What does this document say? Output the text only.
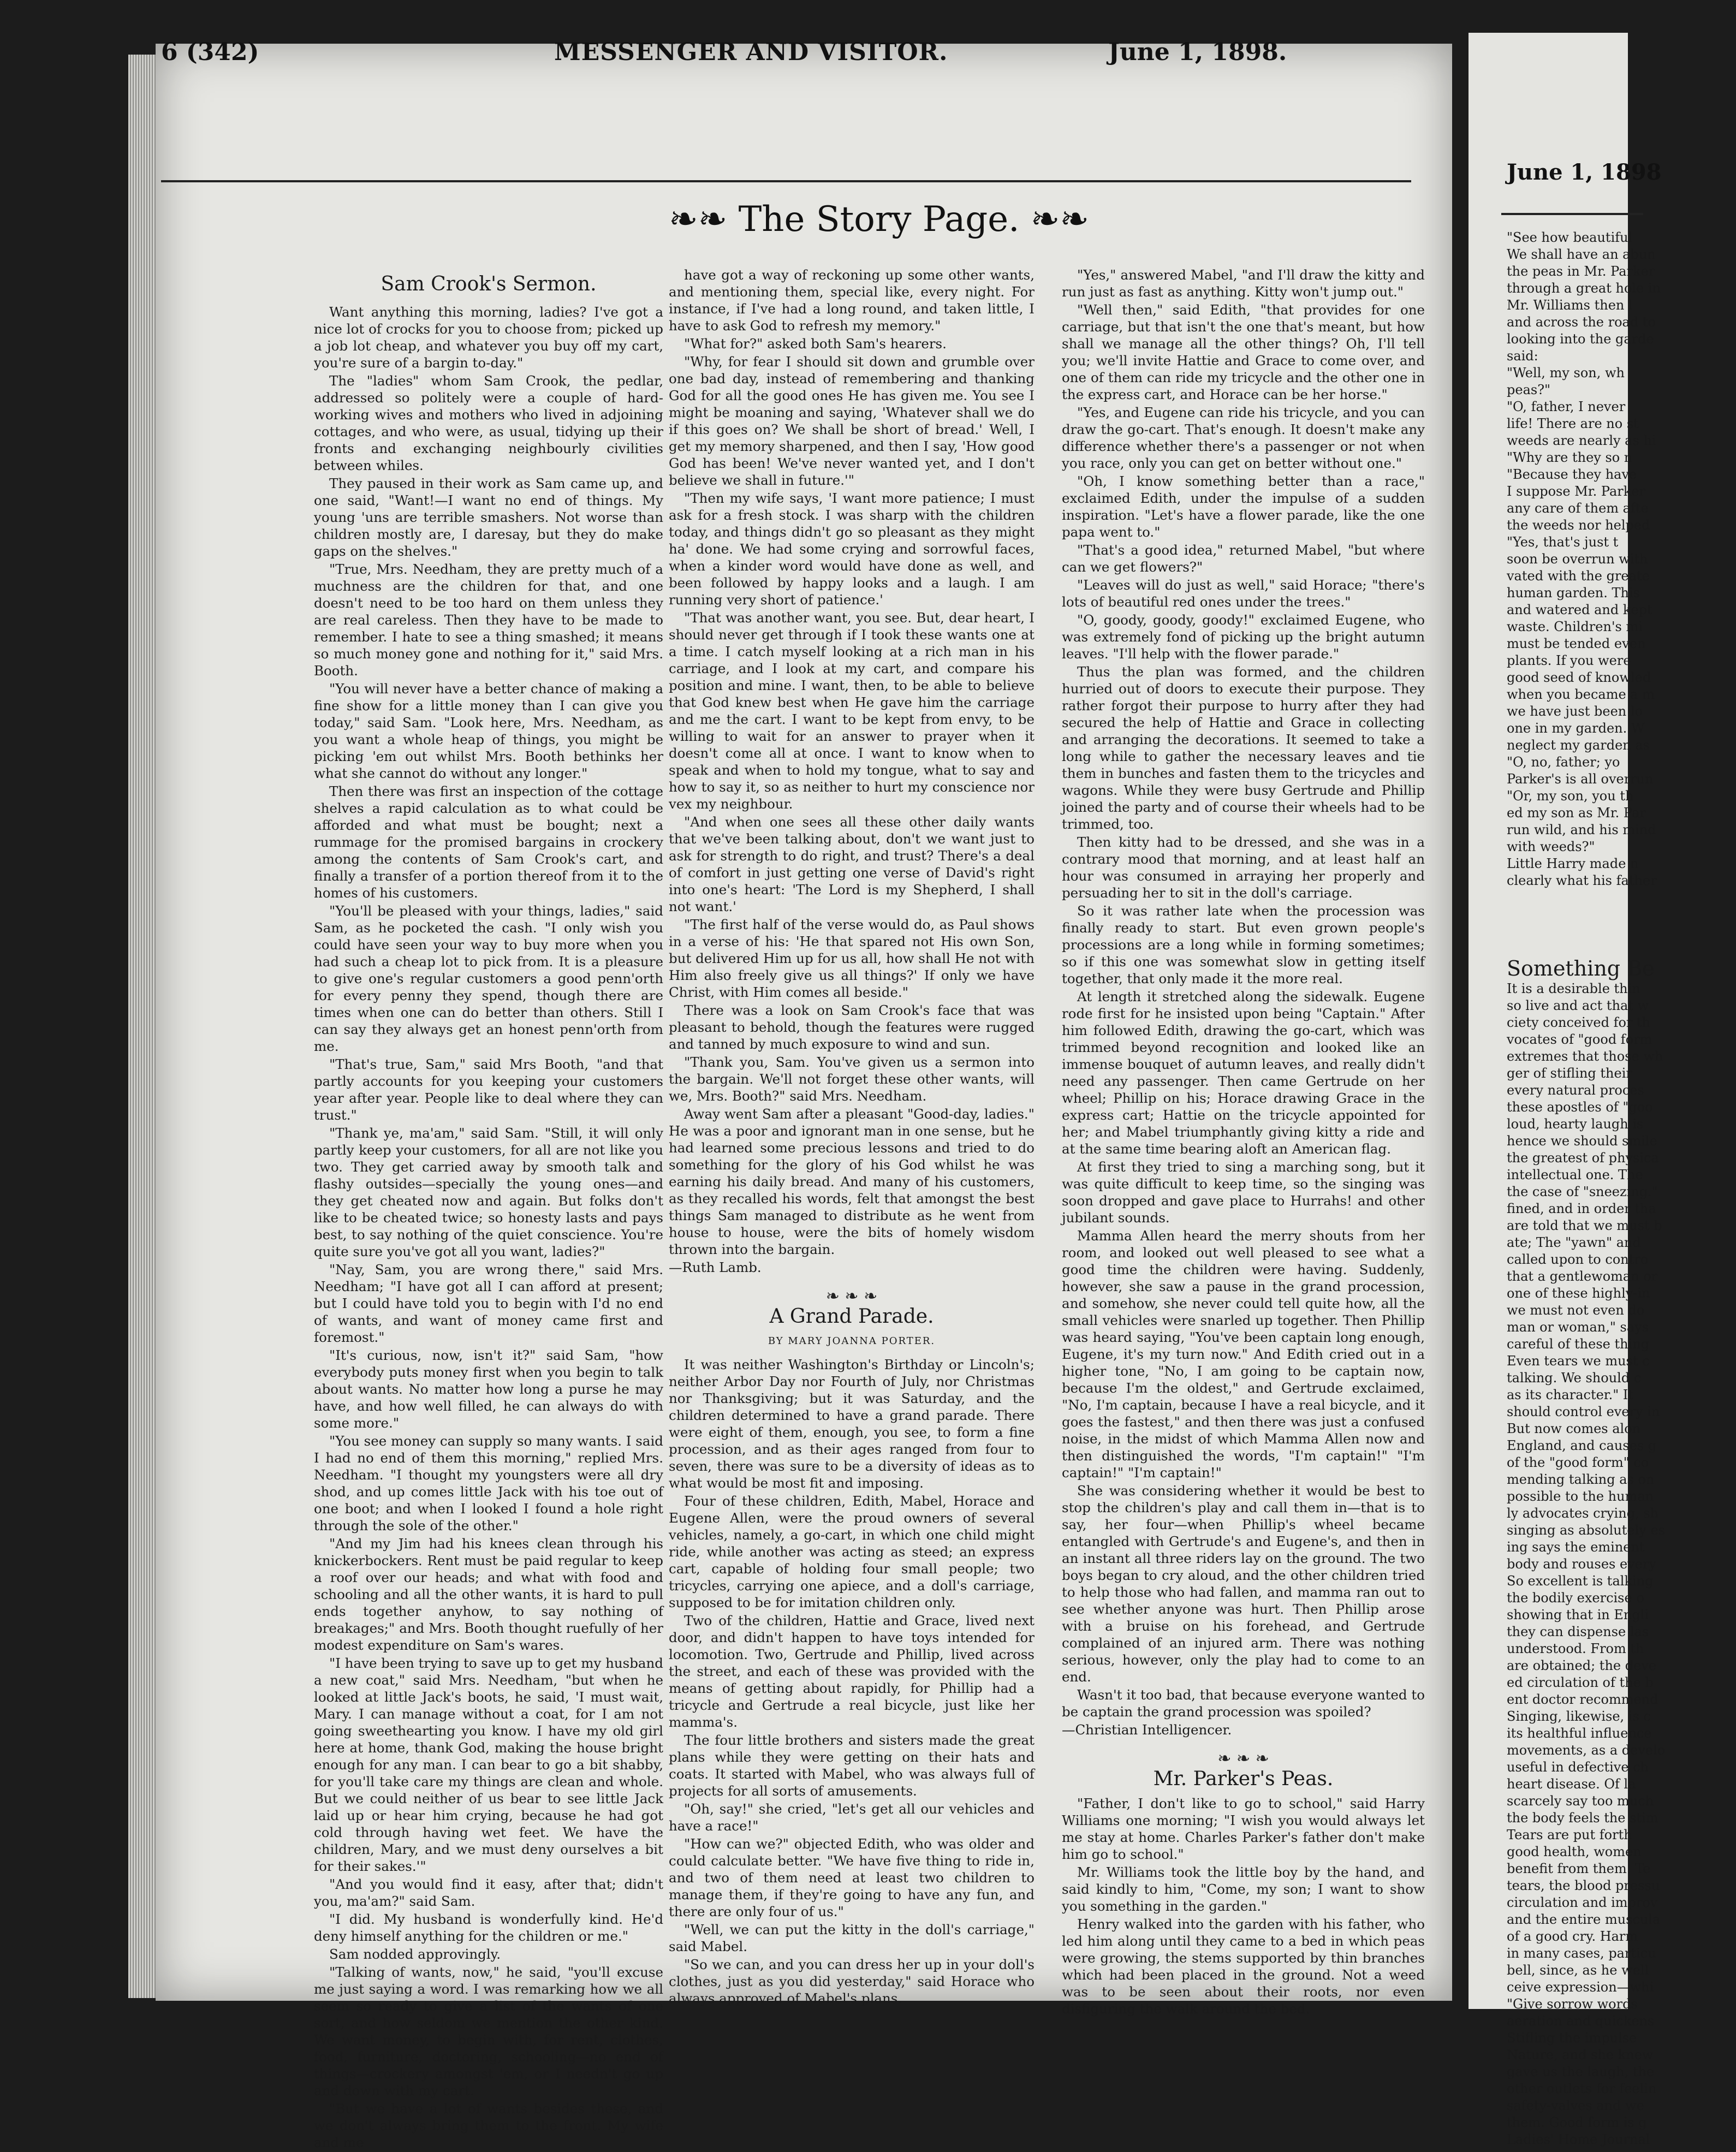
6 (342)	MESSENGER AND VISITOR.	June 1, 1898.
❧❧ The Story Page. ❧❧
Sam Crook's Sermon.

Want anything this morning, ladies? I've got a nice lot of crocks for you to choose from; picked up a job lot cheap, and whatever you buy off my cart, you're sure of a bargin to-day."

The "ladies" whom Sam Crook, the pedlar, addressed so politely were a couple of hard-working wives and mothers who lived in adjoining cottages, and who were, as usual, tidying up their fronts and exchanging neighbourly civilities between whiles.

They paused in their work as Sam came up, and one said, "Want!—I want no end of things. My young 'uns are terrible smashers. Not worse than children mostly are, I daresay, but they do make gaps on the shelves."

"True, Mrs. Needham, they are pretty much of a muchness are the children for that, and one doesn't need to be too hard on them unless they are real careless. Then they have to be made to remember. I hate to see a thing smashed; it means so much money gone and nothing for it," said Mrs. Booth.

"You will never have a better chance of making a fine show for a little money than I can give you today," said Sam. "Look here, Mrs. Needham, as you want a whole heap of things, you might be picking 'em out whilst Mrs. Booth bethinks her what she cannot do without any longer."

Then there was first an inspection of the cottage shelves a rapid calculation as to what could be afforded and what must be bought; next a rummage for the promised bargains in crockery among the contents of Sam Crook's cart, and finally a transfer of a portion thereof from it to the homes of his customers.

"You'll be pleased with your things, ladies," said Sam, as he pocketed the cash. "I only wish you could have seen your way to buy more when you had such a cheap lot to pick from. It is a pleasure to give one's regular customers a good penn'orth for every penny they spend, though there are times when one can do better than others. Still I can say they always get an honest penn'orth from me.

"That's true, Sam," said Mrs Booth, "and that partly accounts for you keeping your customers year after year. People like to deal where they can trust."

"Thank ye, ma'am," said Sam. "Still, it will only partly keep your customers, for all are not like you two. They get carried away by smooth talk and flashy outsides—specially the young ones—and they get cheated now and again. But folks don't like to be cheated twice; so honesty lasts and pays best, to say nothing of the quiet conscience. You're quite sure you've got all you want, ladies?"

"Nay, Sam, you are wrong there," said Mrs. Needham; "I have got all I can afford at present; but I could have told you to begin with I'd no end of wants, and want of money came first and foremost."

"It's curious, now, isn't it?" said Sam, "how everybody puts money first when you begin to talk about wants. No matter how long a purse he may have, and how well filled, he can always do with some more."

"You see money can supply so many wants. I said I had no end of them this morning," replied Mrs. Needham. "I thought my youngsters were all dry shod, and up comes little Jack with his toe out of one boot; and when I looked I found a hole right through the sole of the other."

"And my Jim had his knees clean through his knickerbockers. Rent must be paid regular to keep a roof over our heads; and what with food and schooling and all the other wants, it is hard to pull ends together anyhow, to say nothing of breakages;" and Mrs. Booth thought ruefully of her modest expenditure on Sam's wares.

"I have been trying to save up to get my husband a new coat," said Mrs. Needham, "but when he looked at little Jack's boots, he said, 'I must wait, Mary. I can manage without a coat, for I am not going sweethearting you know. I have my old girl here at home, thank God, making the house bright enough for any man. I can bear to go a bit shabby, for you'll take care my things are clean and whole. But we could neither of us bear to see little Jack laid up or hear him crying, because he had got cold through having wet feet. We have the children, Mary, and we must deny ourselves a bit for their sakes.'"

"And you would find it easy, after that; didn't you, ma'am?" said Sam.

"I did. My husband is wonderfully kind. He'd deny himself anything for the children or me."

Sam nodded approvingly.

"Talking of wants, now," he said, "you'll excuse me just saying a word. I was remarking how we all seem so ready to give a list of the wants of one sort, and how seldom we mention the other kind. We want money, to begin with, for rent, clothes, food, furniture, doctoring, schooling—no end of things—crockery amongst 'em, or I needn't go up and down with my cart.

"But we have a lot of wants besides these, and we don't always bring them to the front. My wife and me

have got a way of reckoning up some other wants, and mentioning them, special like, every night. For instance, if I've had a long round, and taken little, I have to ask God to refresh my memory."

"What for?" asked both Sam's hearers.

"Why, for fear I should sit down and grumble over one bad day, instead of remembering and thanking God for all the good ones He has given me. You see I might be moaning and saying, 'Whatever shall we do if this goes on? We shall be short of bread.' Well, I get my memory sharpened, and then I say, 'How good God has been! We've never wanted yet, and I don't believe we shall in future.'"

"Then my wife says, 'I want more patience; I must ask for a fresh stock. I was sharp with the children today, and things didn't go so pleasant as they might ha' done. We had some crying and sorrowful faces, when a kinder word would have done as well, and been followed by happy looks and a laugh. I am running very short of patience.'

"That was another want, you see. But, dear heart, I should never get through if I took these wants one at a time. I catch myself looking at a rich man in his carriage, and I look at my cart, and compare his position and mine. I want, then, to be able to believe that God knew best when He gave him the carriage and me the cart. I want to be kept from envy, to be willing to wait for an answer to prayer when it doesn't come all at once. I want to know when to speak and when to hold my tongue, what to say and how to say it, so as neither to hurt my conscience nor vex my neighbour.

"And when one sees all these other daily wants that we've been talking about, don't we want just to ask for strength to do right, and trust? There's a deal of comfort in just getting one verse of David's right into one's heart: 'The Lord is my Shepherd, I shall not want.'

"The first half of the verse would do, as Paul shows in a verse of his: 'He that spared not His own Son, but delivered Him up for us all, how shall He not with Him also freely give us all things?' If only we have Christ, with Him comes all beside."

There was a look on Sam Crook's face that was pleasant to behold, though the features were rugged and tanned by much exposure to wind and sun.

"Thank you, Sam. You've given us a sermon into the bargain. We'll not forget these other wants, will we, Mrs. Booth?" said Mrs. Needham.

Away went Sam after a pleasant "Good-day, ladies." He was a poor and ignorant man in one sense, but he had learned some precious lessons and tried to do something for the glory of his God whilst he was earning his daily bread. And many of his customers, as they recalled his words, felt that amongst the best things Sam managed to distribute as he went from house to house, were the bits of homely wisdom thrown into the bargain.

—Ruth Lamb.

❧ ❧ ❧
A Grand Parade.
BY MARY JOANNA PORTER.

It was neither Washington's Birthday or Lincoln's; neither Arbor Day nor Fourth of July, nor Christmas nor Thanksgiving; but it was Saturday, and the children determined to have a grand parade. There were eight of them, enough, you see, to form a fine procession, and as their ages ranged from four to seven, there was sure to be a diversity of ideas as to what would be most fit and imposing.

Four of these children, Edith, Mabel, Horace and Eugene Allen, were the proud owners of several vehicles, namely, a go-cart, in which one child might ride, while another was acting as steed; an express cart, capable of holding four small people; two tricycles, carrying one apiece, and a doll's carriage, supposed to be for imitation children only.

Two of the children, Hattie and Grace, lived next door, and didn't happen to have toys intended for locomotion. Two, Gertrude and Phillip, lived across the street, and each of these was provided with the means of getting about rapidly, for Phillip had a tricycle and Gertrude a real bicycle, just like her mamma's.

The four little brothers and sisters made the great plans while they were getting on their hats and coats. It started with Mabel, who was always full of projects for all sorts of amusements.

"Oh, say!" she cried, "let's get all our vehicles and have a race!"

"How can we?" objected Edith, who was older and could calculate better. "We have five thing to ride in, and two of them need at least two children to manage them, if they're going to have any fun, and there are only four of us."

"Well, we can put the kitty in the doll's carriage," said Mabel.

"So we can, and you can dress her up in your doll's clothes, just as you did yesterday," said Horace who always approved of Mabel's plans.

"Yes," answered Mabel, "and I'll draw the kitty and run just as fast as anything. Kitty won't jump out."

"Well then," said Edith, "that provides for one carriage, but that isn't the one that's meant, but how shall we manage all the other things? Oh, I'll tell you; we'll invite Hattie and Grace to come over, and one of them can ride my tricycle and the other one in the express cart, and Horace can be her horse."

"Yes, and Eugene can ride his tricycle, and you can draw the go-cart. That's enough. It doesn't make any difference whether there's a passenger or not when you race, only you can get on better without one."

"Oh, I know something better than a race," exclaimed Edith, under the impulse of a sudden inspiration. "Let's have a flower parade, like the one papa went to."

"That's a good idea," returned Mabel, "but where can we get flowers?"

"Leaves will do just as well," said Horace; "there's lots of beautiful red ones under the trees."

"O, goody, goody, goody!" exclaimed Eugene, who was extremely fond of picking up the bright autumn leaves. "I'll help with the flower parade."

Thus the plan was formed, and the children hurried out of doors to execute their purpose. They rather forgot their purpose to hurry after they had secured the help of Hattie and Grace in collecting and arranging the decorations. It seemed to take a long while to gather the necessary leaves and tie them in bunches and fasten them to the tricycles and wagons. While they were busy Gertrude and Phillip joined the party and of course their wheels had to be trimmed, too.

Then kitty had to be dressed, and she was in a contrary mood that morning, and at least half an hour was consumed in arraying her properly and persuading her to sit in the doll's carriage.

So it was rather late when the procession was finally ready to start. But even grown people's processions are a long while in forming sometimes; so if this one was somewhat slow in getting itself together, that only made it the more real.

At length it stretched along the sidewalk. Eugene rode first for he insisted upon being "Captain." After him followed Edith, drawing the go-cart, which was trimmed beyond recognition and looked like an immense bouquet of autumn leaves, and really didn't need any passenger. Then came Gertrude on her wheel; Phillip on his; Horace drawing Grace in the express cart; Hattie on the tricycle appointed for her; and Mabel triumphantly giving kitty a ride and at the same time bearing aloft an American flag.

At first they tried to sing a marching song, but it was quite difficult to keep time, so the singing was soon dropped and gave place to Hurrahs! and other jubilant sounds.

Mamma Allen heard the merry shouts from her room, and looked out well pleased to see what a good time the children were having. Suddenly, however, she saw a pause in the grand procession, and somehow, she never could tell quite how, all the small vehicles were snarled up together. Then Phillip was heard saying, "You've been captain long enough, Eugene, it's my turn now." And Edith cried out in a higher tone, "No, I am going to be captain now, because I'm the oldest," and Gertrude exclaimed, "No, I'm captain, because I have a real bicycle, and it goes the fastest," and then there was just a confused noise, in the midst of which Mamma Allen now and then distinguished the words, "I'm captain!" "I'm captain!" "I'm captain!"

She was considering whether it would be best to stop the children's play and call them in—that is to say, her four—when Phillip's wheel became entangled with Gertrude's and Eugene's, and then in an instant all three riders lay on the ground. The two boys began to cry aloud, and the other children tried to help those who had fallen, and mamma ran out to see whether anyone was hurt. Then Phillip arose with a bruise on his forehead, and Gertrude complained of an injured arm. There was nothing serious, however, only the play had to come to an end.

Wasn't it too bad, that because everyone wanted to be captain the grand procession was spoiled?

—Christian Intelligencer.

❧ ❧ ❧
Mr. Parker's Peas.

"Father, I don't like to go to school," said Harry Williams one morning; "I wish you would always let me stay at home. Charles Parker's father don't make him go to school."

Mr. Williams took the little boy by the hand, and said kindly to him, "Come, my son; I want to show you something in the garden."

Henry walked into the garden with his father, who led him along until they came to a bed in which peas were growing, the stems supported by thin branches which had been placed in the ground. Not a weed was to be seen about their roots, nor even disfiguring the walk around the bed.

June 1, 1898
"See how beautiful
We shall have an abun
the peas in Mr. Parker
through a great hole in
Mr. Williams then l
and across the road to
looking into the garde
said:
"Well, my son, wh
peas?"
"O, father, I never
life! There are no st
weeds are nearly as hi
"Why are they so n
"Because they have
I suppose Mr. Parker
any care of them afte
the weeds nor helped
"Yes, that's just t
soon be overrun with
vated with the greate
human garden. This
and watered and kept
waste. Children's mi
must be tended even
plants. If you were
good seed of knowled
when you became a m
we have just been lo
one in my garden. W
neglect my garden as
"O, no, father; yo
Parker's is all overrun
"Or, my son, you th
ed my son as Mr. Par
run wild, and his mind
with weeds?"
Little Harry made n
clearly what his father
Something Be
It is a desirable thin
so live and act that w
ciety conceived for th
vocates of "good form
extremes that those wh
ger of stifling their
every natural proces
these apostles of "goo
loud, hearty laugh is
hence we should smile
the greatest of physica
intellectual one. The
the case of "sneezing."
fined, and in order tha
are told that we must b
ate; The "yawn" and
called upon to contro
that a gentlewoman or
one of these highly-in
we must not even do
man or woman," says
careful of these thing
Even tears we must c
talking. We should c
as its character." It
should control every in
But now comes alon
England, and causes g
of the "good form" co
mending talking as on
possible to the human
ly advocates crying, sh
singing as absolutely es
ing says the eminent
body and rouses every
So excellent is talking
the bodily exercise o
showing that in Engli
they can dispense las
understood. From th
are obtained; the deve
ed circulation of the b
ent doctor recommend
Singing, likewise, is c
its healthful influence
movements, as a develo
useful in defective ch
heart disease. Of la
scarcely say too much
the body feels the stim
Tears are put forth
good health, women
benefit from them. Te
tears, the blood pressu
circulation and improv
and the entire muscula
of a good cry. Harm
in many cases, particu
bell, since, as he well
ceive expression—whi
"Give sorrow words
aeration and quickens
Stifling the impulse
Nature, and she knew
gave us the laugh, the
other outlets for feelin
safety-valves and we
them. Good form is g
Ladies' Home Journal
